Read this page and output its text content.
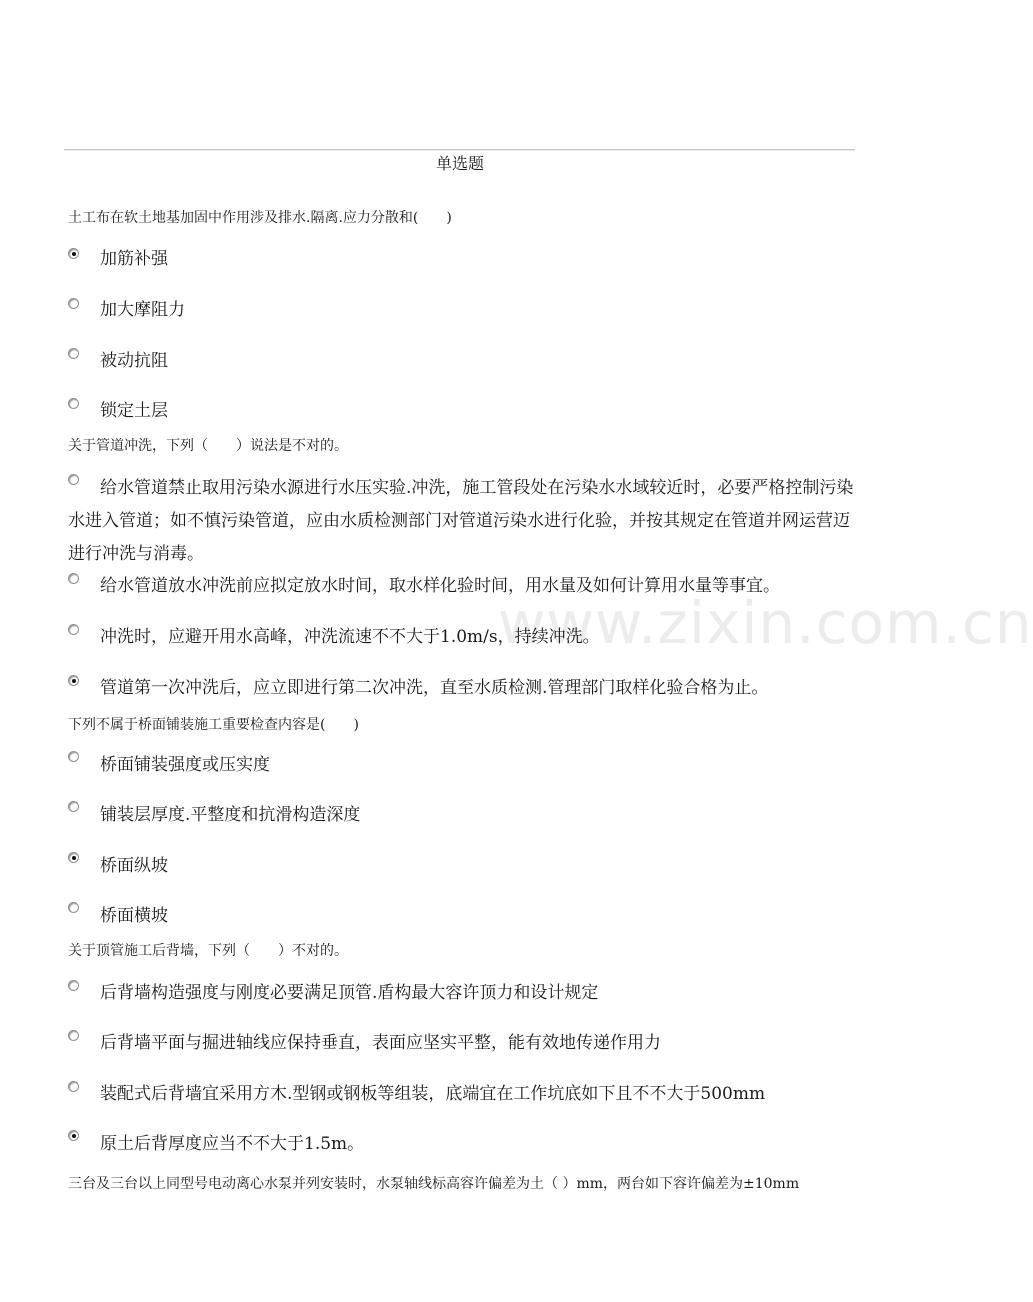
单选题
www.zixin.com.cn
土工布在软土地基加固中作用涉及排水.隔离.应力分散和(　　)
加筋补强
加大摩阻力
被动抗阻
锁定土层
关于管道冲洗，下列（　　）说法是不对的。
给水管道禁止取用污染水源进行水压实验.冲洗，施工管段处在污染水水域较近时，必要严格控制污染水进入管道；如不慎污染管道，应由水质检测部门对管道污染水进行化验，并按其规定在管道并网运营迈进行冲洗与消毒。
给水管道放水冲洗前应拟定放水时间，取水样化验时间，用水量及如何计算用水量等事宜。
冲洗时，应避开用水高峰，冲洗流速不不大于1.0m/s，持续冲洗。
管道第一次冲洗后，应立即进行第二次冲洗，直至水质检测.管理部门取样化验合格为止。
下列不属于桥面铺装施工重要检查内容是(　　)
桥面铺装强度或压实度
铺装层厚度.平整度和抗滑构造深度
桥面纵坡
桥面横坡
关于顶管施工后背墙，下列（　　）不对的。
后背墙构造强度与刚度必要满足顶管.盾构最大容许顶力和设计规定
后背墙平面与掘进轴线应保持垂直，表面应坚实平整，能有效地传递作用力
装配式后背墙宜采用方木.型钢或钢板等组装，底端宜在工作坑底如下且不不大于500mm
原土后背厚度应当不不大于1.5m。
三台及三台以上同型号电动离心水泵并列安装时，水泵轴线标高容许偏差为土（ ）mm，两台如下容许偏差为±10mm
